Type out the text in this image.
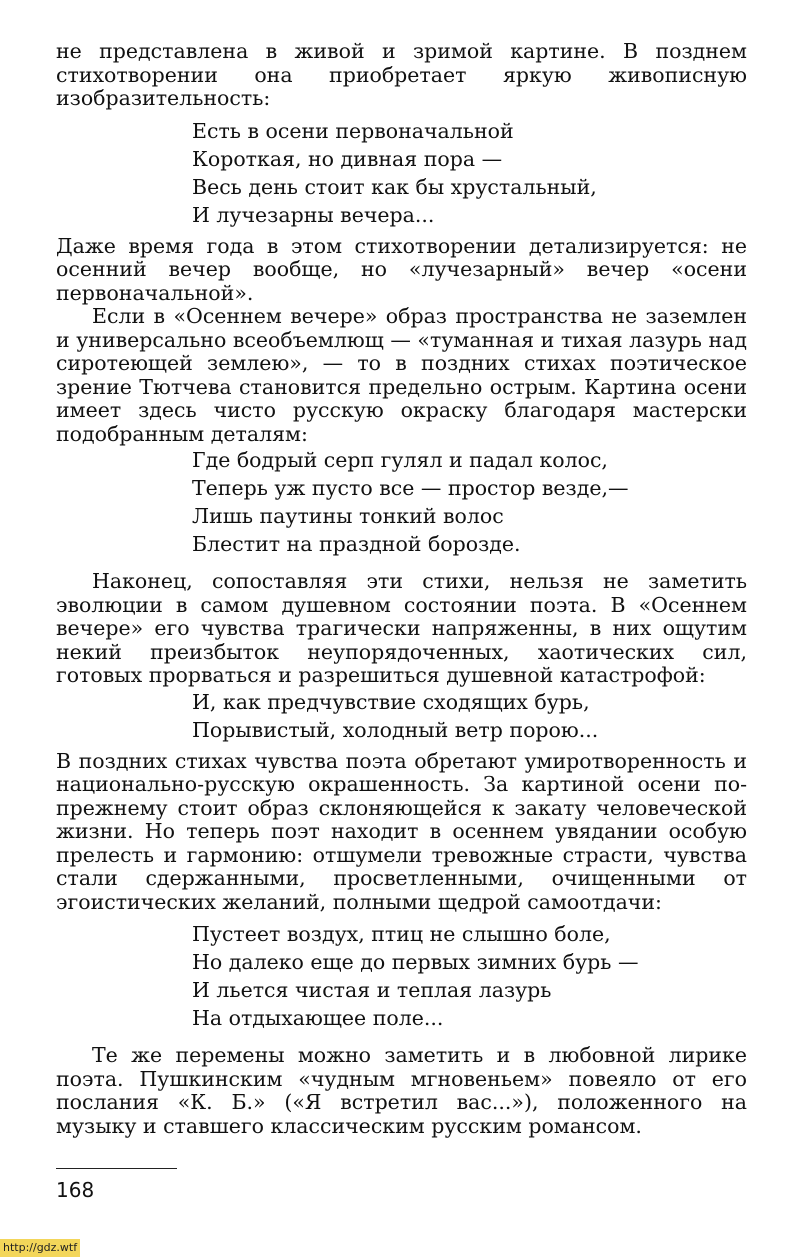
не представлена в живой и зримой картине. В позднем стихотворении она приобретает яркую живописную изобразительность:

Есть в осени первоначальной
Короткая, но дивная пора —
Весь день стоит как бы хрустальный,
И лучезарны вечера...

Даже время года в этом стихотворении детализируется: не осенний вечер вообще, но «лучезарный» вечер «осени первоначальной».

Если в «Осеннем вечере» образ пространства не заземлен и универсально всеобъемлющ — «туманная и тихая лазурь над сиротеющей землею», — то в поздних стихах поэтическое зрение Тютчева становится предельно острым. Картина осени имеет здесь чисто русскую окраску благодаря мастерски подобранным деталям:

Где бодрый серп гулял и падал колос,
Теперь уж пусто все — простор везде,—
Лишь паутины тонкий волос
Блестит на праздной борозде.

Наконец, сопоставляя эти стихи, нельзя не заметить эволюции в самом душевном состоянии поэта. В «Осеннем вечере» его чувства трагически напряженны, в них ощутим некий преизбыток неупорядоченных, хаотических сил, готовых прорваться и разрешиться душевной катастрофой:

И, как предчувствие сходящих бурь,
Порывистый, холодный ветр порою...

В поздних стихах чувства поэта обретают умиротворенность и национально-русскую окрашенность. За картиной осени по-прежнему стоит образ склоняющейся к закату человеческой жизни. Но теперь поэт находит в осеннем увядании особую прелесть и гармонию: отшумели тревожные страсти, чувства стали сдержанными, просветленными, очищенными от эгоистических желаний, полными щедрой самоотдачи:

Пустеет воздух, птиц не слышно боле,
Но далеко еще до первых зимних бурь —
И льется чистая и теплая лазурь
На отдыхающее поле...

Те же перемены можно заметить и в любовной лирике поэта. Пушкинским «чудным мгновеньем» повеяло от его послания «К. Б.» («Я встретил вас...»), положенного на музыку и ставшего классическим русским романсом.

168
http://gdz.wtf
